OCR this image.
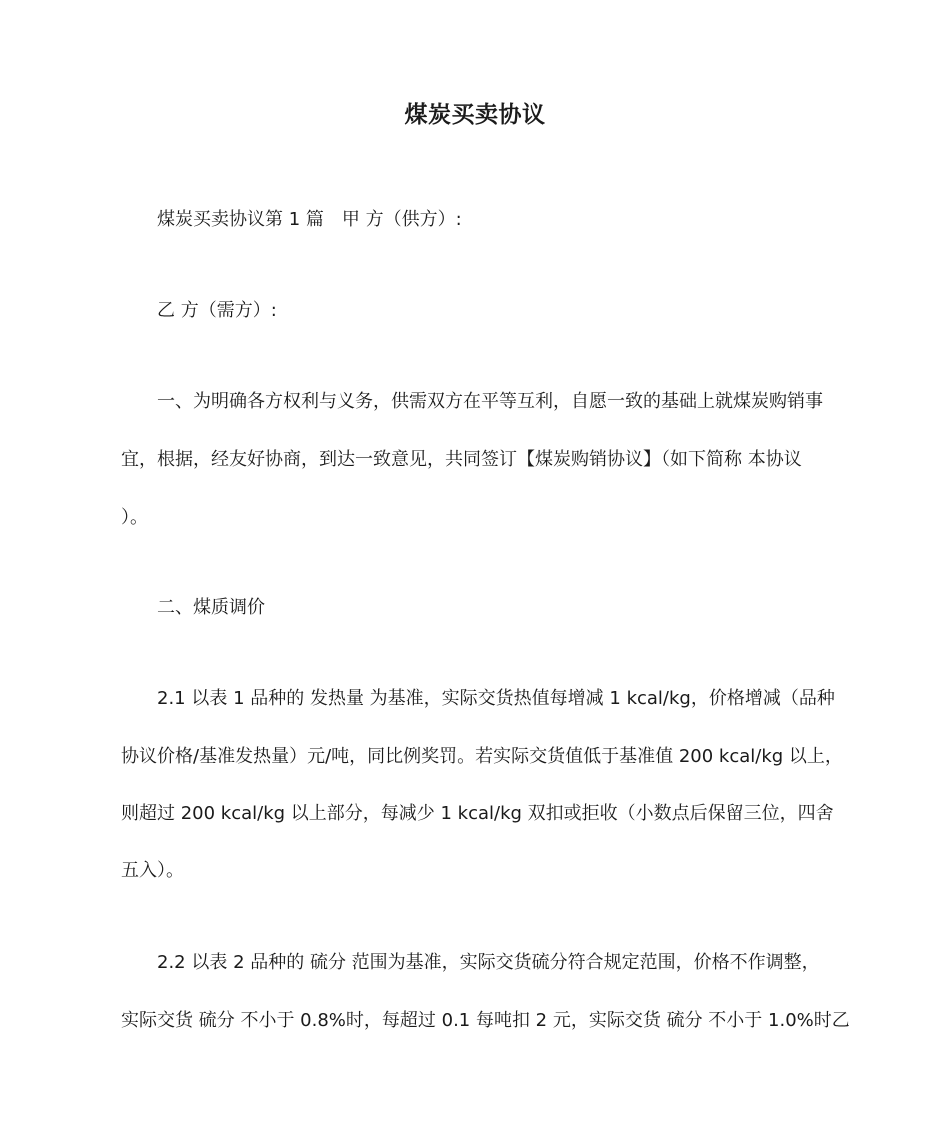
煤炭买卖协议
煤炭买卖协议第 1 篇　甲 方（供方）:
乙 方（需方）:
一、为明确各方权利与义务，供需双方在平等互利，自愿一致的基础上就煤炭购销事
宜，根据，经友好协商，到达一致意见，共同签订【煤炭购销协议】（如下简称 本协议
）。
二、煤质调价
2.1 以表 1 品种的 发热量 为基准，实际交货热值每增减 1 kcal/kg，价格增减（品种
协议价格/基准发热量）元/吨，同比例奖罚。若实际交货值低于基准值 200 kcal/kg 以上，
则超过 200 kcal/kg 以上部分，每减少 1 kcal/kg 双扣或拒收（小数点后保留三位，四舍
五入）。
2.2 以表 2 品种的 硫分 范围为基准，实际交货硫分符合规定范围，价格不作调整，
实际交货 硫分 不小于 0.8%时，每超过 0.1 每吨扣 2 元，实际交货 硫分 不小于 1.0%时乙
